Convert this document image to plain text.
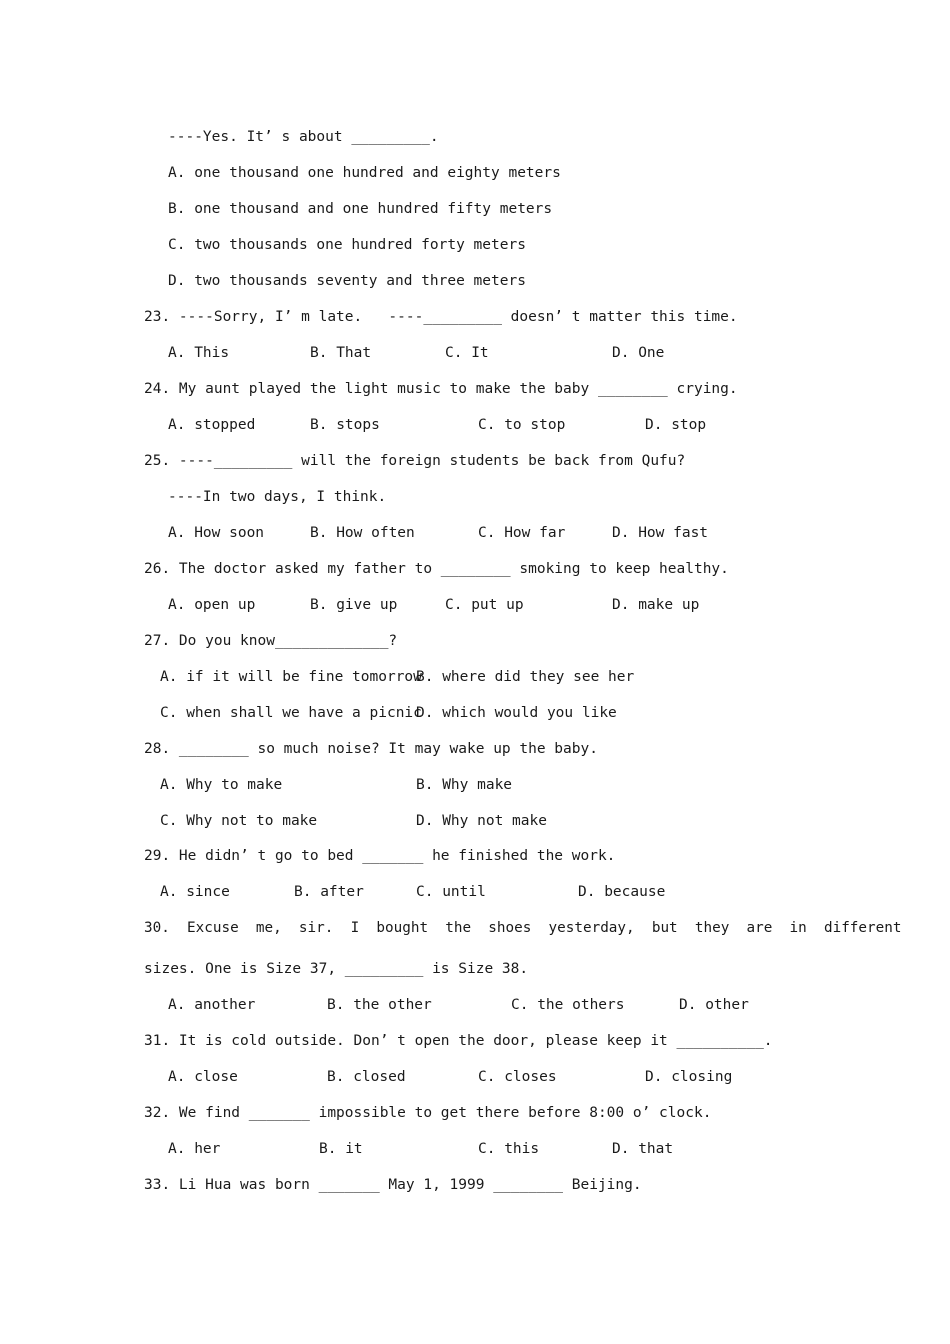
----Yes. It’ s about _________.
A. one thousand one hundred and eighty meters
B. one thousand and one hundred fifty meters
C. two thousands one hundred forty meters
D. two thousands seventy and three meters
23. ----Sorry, I’ m late.   ----_________ doesn’ t matter this time.
A. This	B. That	C. It	D. One
24. My aunt played the light music to make the baby ________ crying.
A. stopped	B. stops	C. to stop	D. stop
25. ----_________ will the foreign students be back from Qufu?
----In two days, I think.
A. How soon	B. How often	C. How far	D. How fast
26. The doctor asked my father to ________ smoking to keep healthy.
A. open up	B. give up	C. put up	D. make up
27. Do you know_____________?
A. if it will be fine tomorrow
B. where did they see her
C. when shall we have a picnic
D. which would you like
28. ________ so much noise? It may wake up the baby.
A. Why to make	B. Why make
C. Why not to make	D. Why not make
29. He didn’ t go to bed _______ he finished the work.
A. since	B. after	C. until	D. because
30.  Excuse  me,  sir.  I  bought  the  shoes  yesterday,  but  they  are  in  different
sizes. One is Size 37, _________ is Size 38.
A. another	B. the other	C. the others	D. other
31. It is cold outside. Don’ t open the door, please keep it __________.
A. close	B. closed	C. closes	D. closing
32. We find _______ impossible to get there before 8:00 o’ clock.
A. her	B. it	C. this	D. that
33. Li Hua was born _______ May 1, 1999 ________ Beijing.
